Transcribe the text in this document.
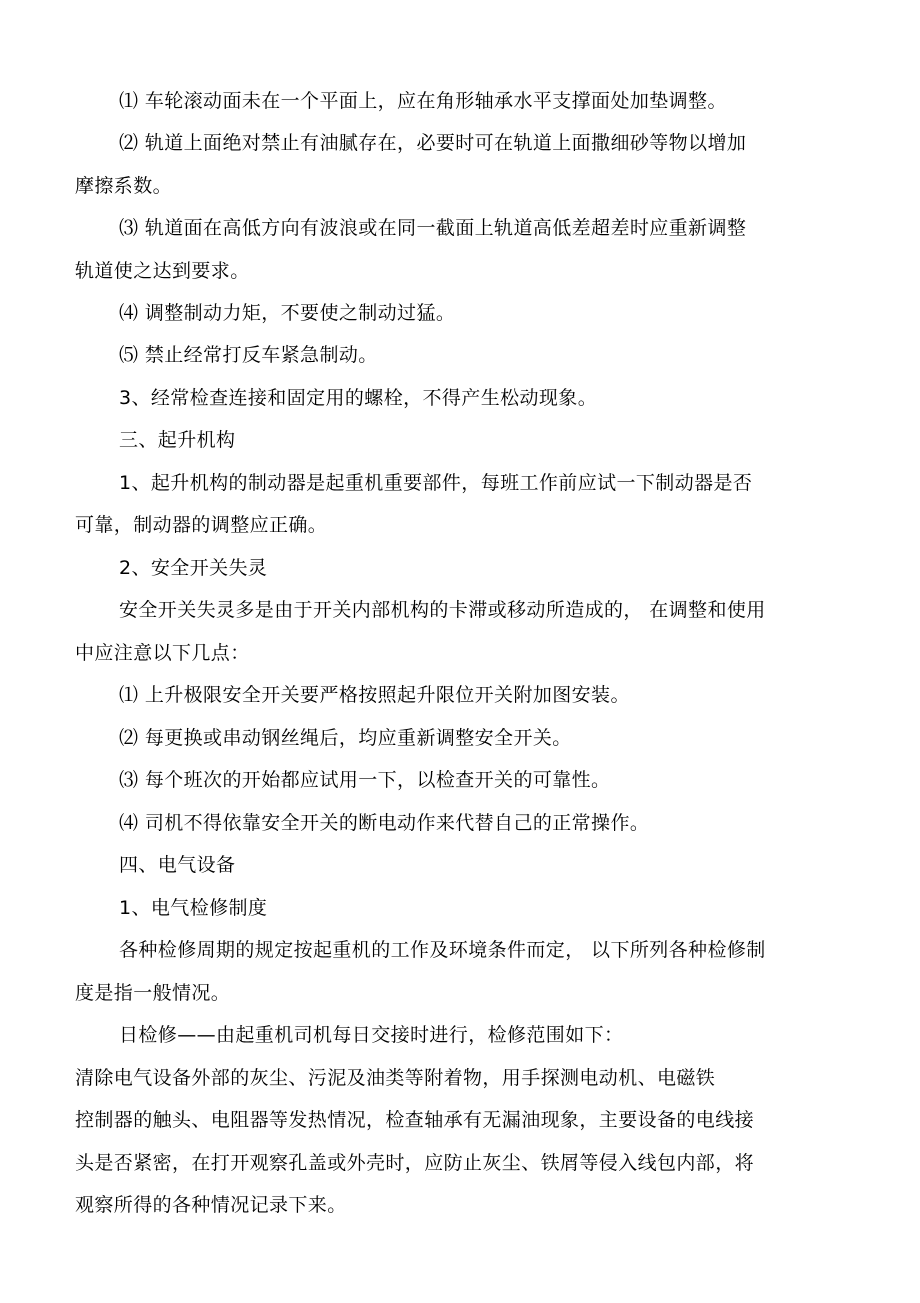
⑴ 车轮滚动面未在一个平面上，应在角形轴承水平支撑面处加垫调整。
⑵ 轨道上面绝对禁止有油腻存在，必要时可在轨道上面撒细砂等物以增加
摩擦系数。
⑶ 轨道面在高低方向有波浪或在同一截面上轨道高低差超差时应重新调整
轨道使之达到要求。
⑷ 调整制动力矩，不要使之制动过猛。
⑸ 禁止经常打反车紧急制动。
3、经常检查连接和固定用的螺栓，不得产生松动现象。
三、起升机构
1、起升机构的制动器是起重机重要部件，每班工作前应试一下制动器是否
可靠，制动器的调整应正确。
2、安全开关失灵
安全开关失灵多是由于开关内部机构的卡滞或移动所造成的， 在调整和使用
中应注意以下几点：
⑴ 上升极限安全开关要严格按照起升限位开关附加图安装。
⑵ 每更换或串动钢丝绳后，均应重新调整安全开关。
⑶ 每个班次的开始都应试用一下，以检查开关的可靠性。
⑷ 司机不得依靠安全开关的断电动作来代替自己的正常操作。
四、电气设备
1、电气检修制度
各种检修周期的规定按起重机的工作及环境条件而定， 以下所列各种检修制
度是指一般情况。
日检修——由起重机司机每日交接时进行，检修范围如下：
清除电气设备外部的灰尘、污泥及油类等附着物，用手探测电动机、电磁铁
控制器的触头、电阻器等发热情况，检查轴承有无漏油现象，主要设备的电线接
头是否紧密，在打开观察孔盖或外壳时，应防止灰尘、铁屑等侵入线包内部，将
观察所得的各种情况记录下来。
